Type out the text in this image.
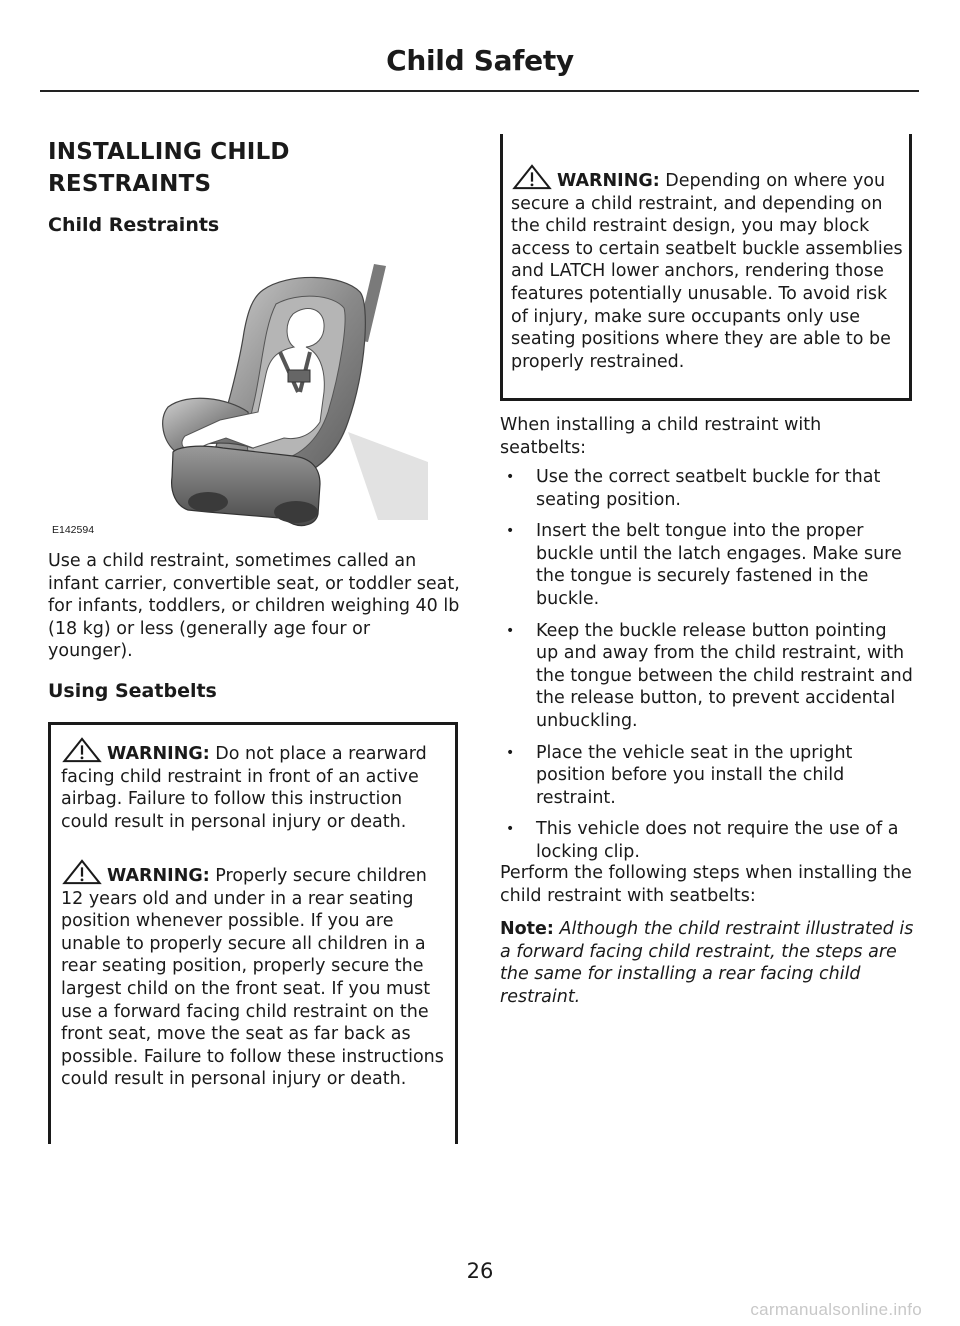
Child Safety
INSTALLING CHILD RESTRAINTS
Child Restraints
E142594
Use a child restraint, sometimes called an infant carrier, convertible seat, or toddler seat, for infants, toddlers, or children weighing 40 lb (18 kg) or less (generally age four or younger).
Using Seatbelts
WARNING: Do not place a rearward facing child restraint in front of an active airbag. Failure to follow this instruction could result in personal injury or death.
WARNING: Properly secure children 12 years old and under in a rear seating position whenever possible. If you are unable to properly secure all children in a rear seating position, properly secure the largest child on the front seat. If you must use a forward facing child restraint on the front seat, move the seat as far back as possible. Failure to follow these instructions could result in personal injury or death.
WARNING: Depending on where you secure a child restraint, and depending on the child restraint design, you may block access to certain seatbelt buckle assemblies and LATCH lower anchors, rendering those features potentially unusable. To avoid risk of injury, make sure occupants only use seating positions where they are able to be properly restrained.
When installing a child restraint with seatbelts:
• Use the correct seatbelt buckle for that seating position.
• Insert the belt tongue into the proper buckle until the latch engages. Make sure the tongue is securely fastened in the buckle.
• Keep the buckle release button pointing up and away from the child restraint, with the tongue between the child restraint and the release button, to prevent accidental unbuckling.
• Place the vehicle seat in the upright position before you install the child restraint.
• This vehicle does not require the use of a locking clip.
Perform the following steps when installing the child restraint with seatbelts:
Note: Although the child restraint illustrated is a forward facing child restraint, the steps are the same for installing a rear facing child restraint.
26
carmanualsonline.info
